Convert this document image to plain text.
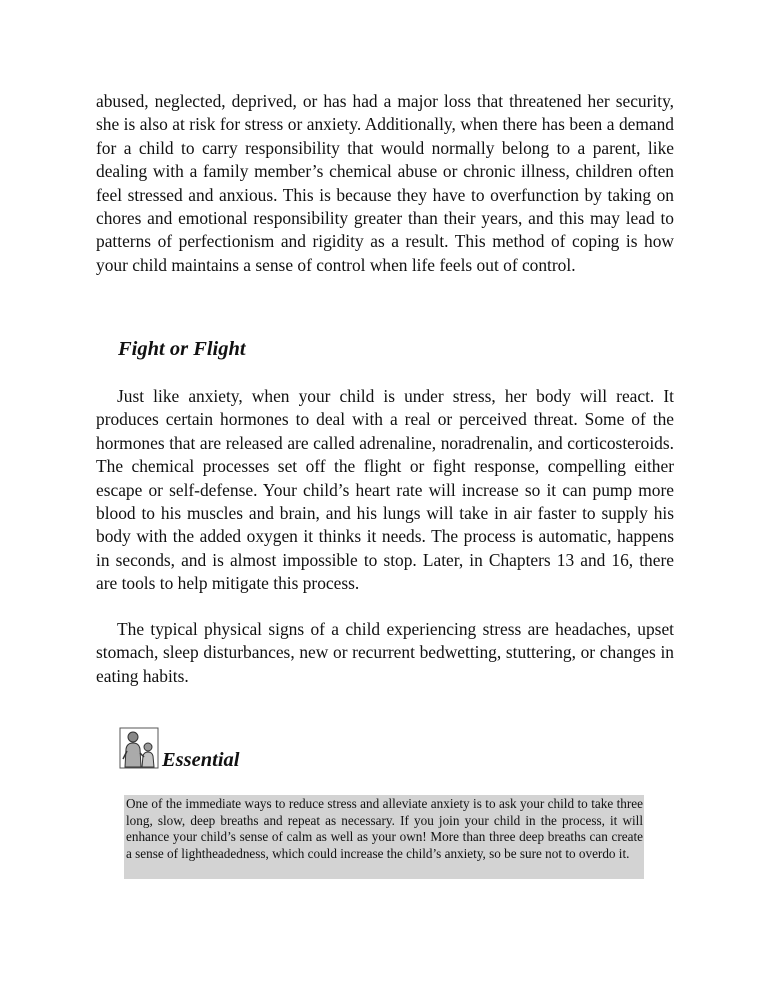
abused, neglected, deprived, or has had a major loss that threatened her security, she is also at risk for stress or anxiety. Additionally, when there has been a demand for a child to carry responsibility that would normally belong to a parent, like dealing with a family member’s chemical abuse or chronic illness, children often feel stressed and anxious. This is because they have to overfunction by taking on chores and emotional responsibility greater than their years, and this may lead to patterns of perfectionism and rigidity as a result. This method of coping is how your child maintains a sense of control when life feels out of control.

Fight or Flight

Just like anxiety, when your child is under stress, her body will react. It produces certain hormones to deal with a real or perceived threat. Some of the hormones that are released are called adrenaline, noradrenalin, and corticosteroids. The chemical processes set off the flight or fight response, compelling either escape or self-defense. Your child’s heart rate will increase so it can pump more blood to his muscles and brain, and his lungs will take in air faster to supply his body with the added oxygen it thinks it needs. The process is automatic, happens in seconds, and is almost impossible to stop. Later, in Chapters 13 and 16, there are tools to help mitigate this process.

The typical physical signs of a child experiencing stress are headaches, upset stomach, sleep disturbances, new or recurrent bedwetting, stuttering, or changes in eating habits.

Essential
One of the immediate ways to reduce stress and alleviate anxiety is to ask your child to take three long, slow, deep breaths and repeat as necessary. If you join your child in the process, it will enhance your child’s sense of calm as well as your own! More than three deep breaths can create a sense of lightheadedness, which could increase the child’s anxiety, so be sure not to overdo it.
